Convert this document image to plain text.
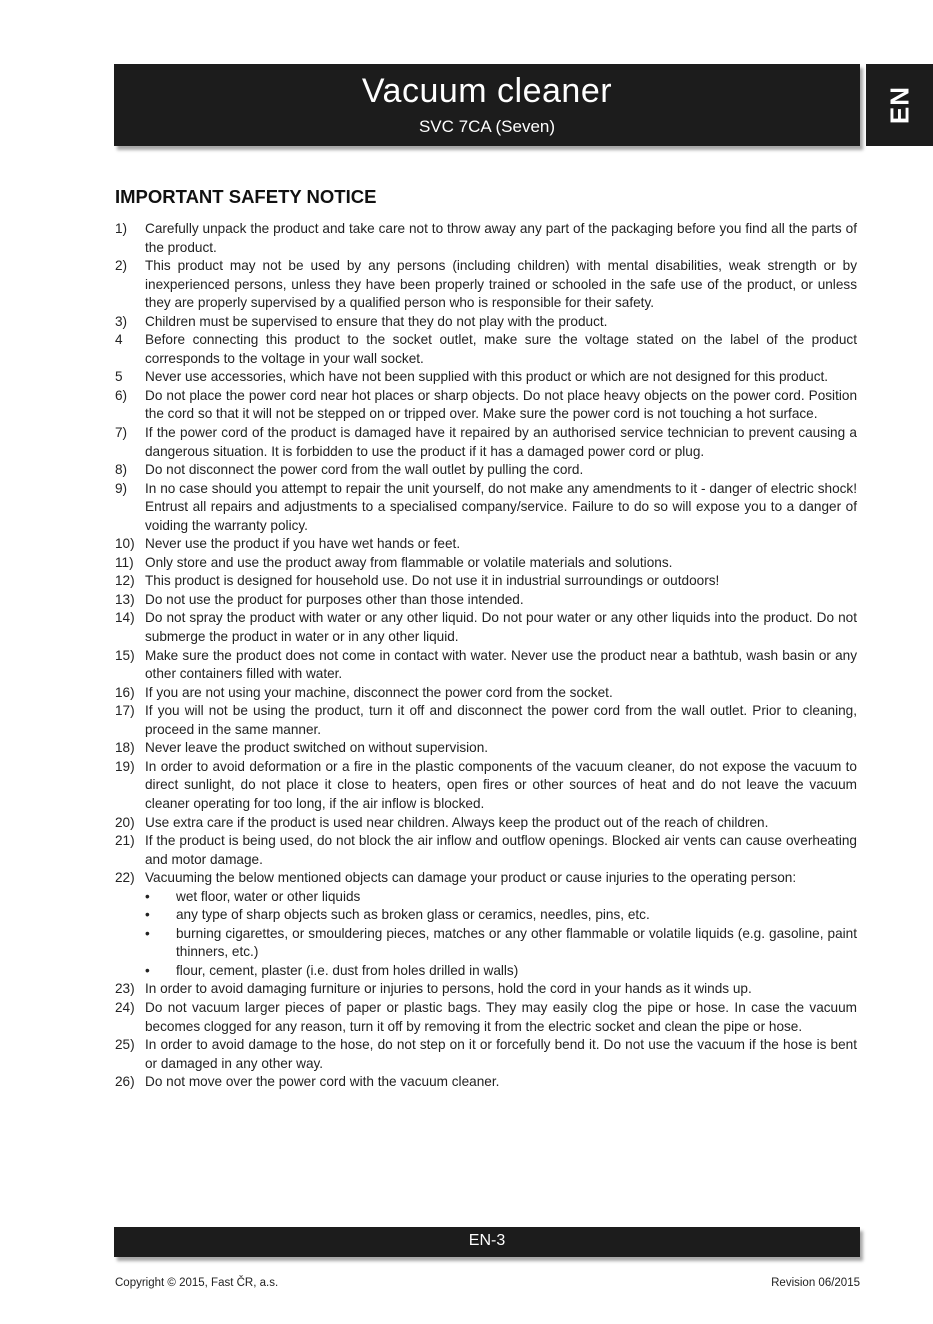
Vacuum cleaner
SVC 7CA (Seven)
EN
IMPORTANT SAFETY NOTICE
1)	Carefully unpack the product and take care not to throw away any part of the packaging before you find all the parts of the product.
2)	This product may not be used by any persons (including children) with mental disabilities, weak strength or by inexperienced persons, unless they have been properly trained or schooled in the safe use of the product, or unless they are properly supervised by a qualified person who is responsible for their safety.
3)	Children must be supervised to ensure that they do not play with the product.
4	Before connecting this product to the socket outlet, make sure the voltage stated on the label of the product corresponds to the voltage in your wall socket.
5	Never use accessories, which have not been supplied with this product or which are not designed for this product.
6)	Do not place the power cord near hot places or sharp objects. Do not place heavy objects on the power cord. Position the cord so that it will not be stepped on or tripped over. Make sure the power cord is not touching a hot surface.
7)	If the power cord of the product is damaged have it repaired by an authorised service technician to prevent causing a dangerous situation. It is forbidden to use the product if it has a damaged power cord or plug.
8)	Do not disconnect the power cord from the wall outlet by pulling the cord.
9)	In no case should you attempt to repair the unit yourself, do not make any amendments to it - danger of electric shock! Entrust all repairs and adjustments to a specialised company/service. Failure to do so will expose you to a danger of voiding the warranty policy.
10) Never use the product if you have wet hands or feet.
11) Only store and use the product away from flammable or volatile materials and solutions.
12) This product is designed for household use. Do not use it in industrial surroundings or outdoors!
13) Do not use the product for purposes other than those intended.
14) Do not spray the product with water or any other liquid. Do not pour water or any other liquids into the product. Do not submerge the product in water or in any other liquid.
15) Make sure the product does not come in contact with water. Never use the product near a bathtub, wash basin or any other containers filled with water.
16) If you are not using your machine, disconnect the power cord from the socket.
17) If you will not be using the product, turn it off and disconnect the power cord from the wall outlet. Prior to cleaning, proceed in the same manner.
18) Never leave the product switched on without supervision.
19) In order to avoid deformation or a fire in the plastic components of the vacuum cleaner, do not expose the vacuum to direct sunlight, do not place it close to heaters, open fires or other sources of heat and do not leave the vacuum cleaner operating for too long, if the air inflow is blocked.
20) Use extra care if the product is used near children. Always keep the product out of the reach of children.
21) If the product is being used, do not block the air inflow and outflow openings. Blocked air vents can cause overheating and motor damage.
22) Vacuuming the below mentioned objects can damage your product or cause injuries to the operating person:
•	wet floor, water or other liquids
•	any type of sharp objects such as broken glass or ceramics, needles, pins, etc.
•	burning cigarettes, or smouldering pieces, matches or any other flammable or volatile liquids (e.g. gasoline, paint thinners, etc.)
•	flour, cement, plaster (i.e. dust from holes drilled in walls)
23) In order to avoid damaging furniture or injuries to persons, hold the cord in your hands as it winds up.
24) Do not vacuum larger pieces of paper or plastic bags. They may easily clog the pipe or hose. In case the vacuum becomes clogged for any reason, turn it off by removing it from the electric socket and clean the pipe or hose.
25) In order to avoid damage to the hose, do not step on it or forcefully bend it. Do not use the vacuum if the hose is bent or damaged in any other way.
26) Do not move over the power cord with the vacuum cleaner.
EN-3
Copyright © 2015, Fast ČR, a.s.	Revision 06/2015
